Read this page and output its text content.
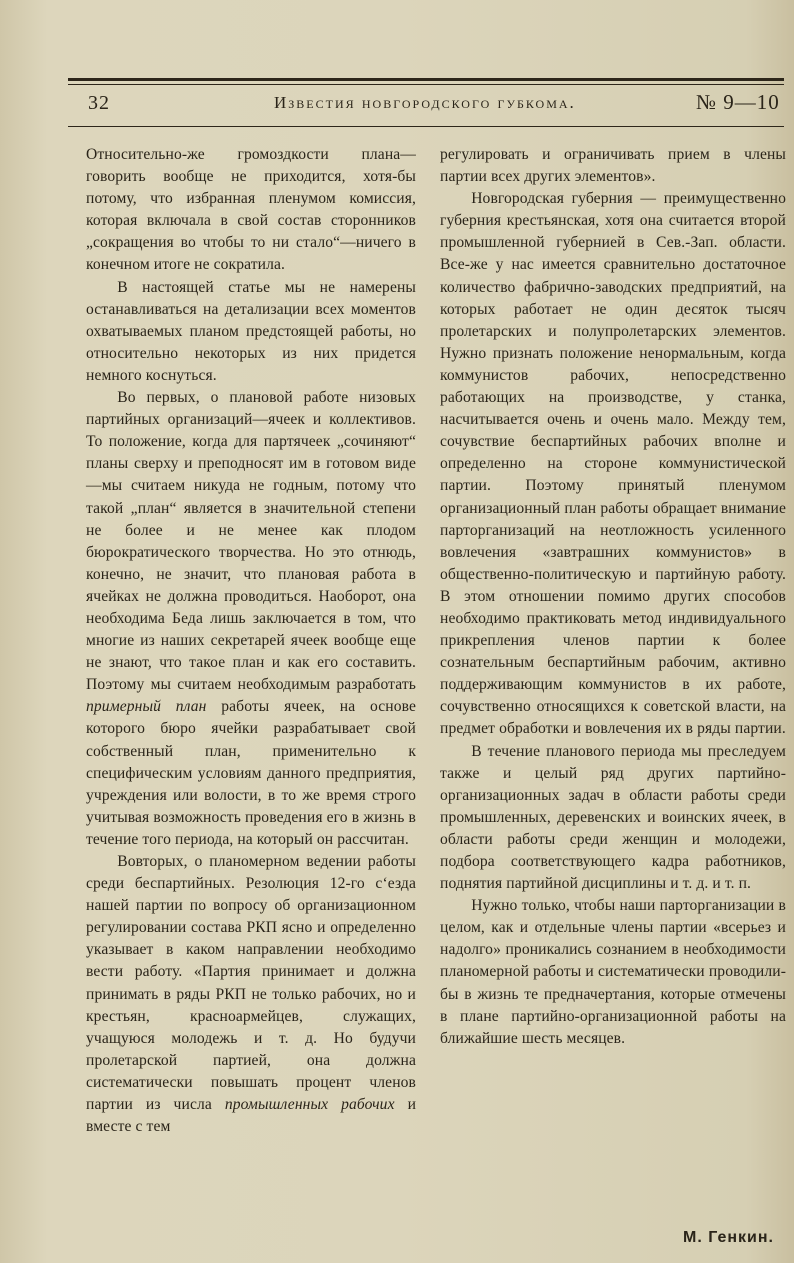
32	Известия новгородского губкома.	№ 9—10

Относительно-же громоздкости плана—говорить вообще не приходится, хотя-бы потому, что избранная пленумом комиссия, которая включала в свой состав сторонников „сокращения во чтобы то ни стало“—ничего в конечном итоге не сократила.

В настоящей статье мы не намерены останавливаться на детализации всех моментов охватываемых планом предстоящей работы, но относительно некоторых из них придется немного коснуться.

Во первых, о плановой работе низовых партийных организаций—ячеек и коллективов. То положение, когда для партячеек „сочиняют“ планы сверху и преподносят им в готовом виде—мы считаем никуда не годным, потому что такой „план“ является в значительной степени не более и не менее как плодом бюрократического творчества. Но это отнюдь, конечно, не значит, что плановая работа в ячейках не должна проводиться. Наоборот, она необходима Беда лишь заключается в том, что многие из наших секретарей ячеек вообще еще не знают, что такое план и как его составить. Поэтому мы считаем необходимым разработать примерный план работы ячеек, на основе которого бюро ячейки разрабатывает свой собственный план, применительно к специфическим условиям данного предприятия, учреждения или волости, в то же время строго учитывая возможность проведения его в жизнь в течение того периода, на который он рассчитан.

Вовторых, о планомерном ведении работы среди беспартийных. Резолюция 12-го с‘езда нашей партии по вопросу об организационном регулировании состава РКП ясно и определенно указывает в каком направлении необходимо вести работу. «Партия принимает и должна принимать в ряды РКП не только рабочих, но и крестьян, красноармейцев, служащих, учащуюся молодежь и т. д. Но будучи пролетарской партией, она должна систематически повышать процент членов партии из числа промышленных рабочих и вместе с тем

регулировать и ограничивать прием в члены партии всех других элементов».

Новгородская губерния — преимущественно губерния крестьянская, хотя она считается второй промышленной губернией в Сев.-Зап. области. Все-же у нас имеется сравнительно достаточное количество фабрично-заводских предприятий, на которых работает не один десяток тысяч пролетарских и полупролетарских элементов. Нужно признать положение ненормальным, когда коммунистов рабочих, непосредственно работающих на производстве, у станка, насчитывается очень и очень мало. Между тем, сочувствие беспартийных рабочих вполне и определенно на стороне коммунистической партии. Поэтому принятый пленумом организационный план работы обращает внимание парторганизаций на неотложность усиленного вовлечения «завтрашних коммунистов» в общественно-политическую и партийную работу. В этом отношении помимо других способов необходимо практиковать метод индивидуального прикрепления членов партии к более сознательным беспартийным рабочим, активно поддерживающим коммунистов в их работе, сочувственно относящихся к советской власти, на предмет обработки и вовлечения их в ряды партии.

В течение планового периода мы преследуем также и целый ряд других партийно-организационных задач в области работы среди промышленных, деревенских и воинских ячеек, в области работы среди женщин и молодежи, подбора соответствующего кадра работников, поднятия партийной дисциплины и т. д. и т. п.

Нужно только, чтобы наши парторганизации в целом, как и отдельные члены партии «всерьез и надолго» проникались сознанием в необходимости планомерной работы и систематически проводили-бы в жизнь те предначертания, которые отмечены в плане партийно-организационной работы на ближайшие шесть месяцев.

М. Генкин.
